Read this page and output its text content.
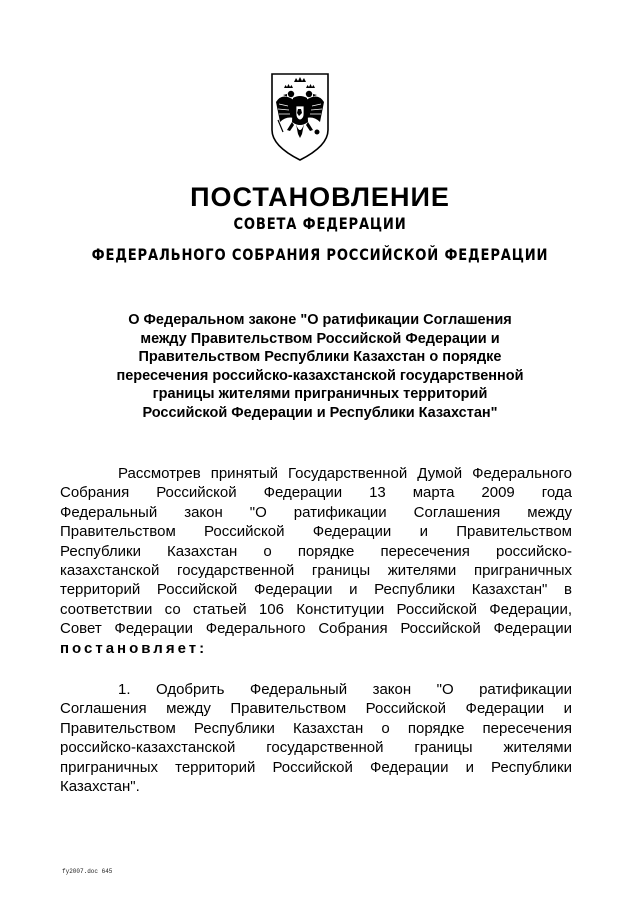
ПОСТАНОВЛЕНИЕ

СОВЕТА ФЕДЕРАЦИИ

ФЕДЕРАЛЬНОГО СОБРАНИЯ РОССИЙСКОЙ ФЕДЕРАЦИИ

О Федеральном законе "О ратификации Соглашения
между Правительством Российской Федерации и
Правительством Республики Казахстан о порядке
пересечения российско-казахстанской государственной
границы жителями приграничных территорий
Российской Федерации и Республики Казахстан"

Рассмотрев принятый Государственной Думой Федерального
Собрания Российской Федерации 13 марта 2009 года
Федеральный закон "О ратификации Соглашения между
Правительством Российской Федерации и Правительством
Республики Казахстан о порядке пересечения российско-
казахстанской государственной границы жителями приграничных
территорий Российской Федерации и Республики Казахстан" в
соответствии со статьей 106 Конституции Российской Федерации,
Совет Федерации Федерального Собрания Российской Федерации
постановляет:
1. Одобрить Федеральный закон "О ратификации
Соглашения между Правительством Российской Федерации и
Правительством Республики Казахстан о порядке пересечения
российско-казахстанской государственной границы жителями
приграничных территорий Российской Федерации и Республики
Казахстан".

fy2007.doc 645
